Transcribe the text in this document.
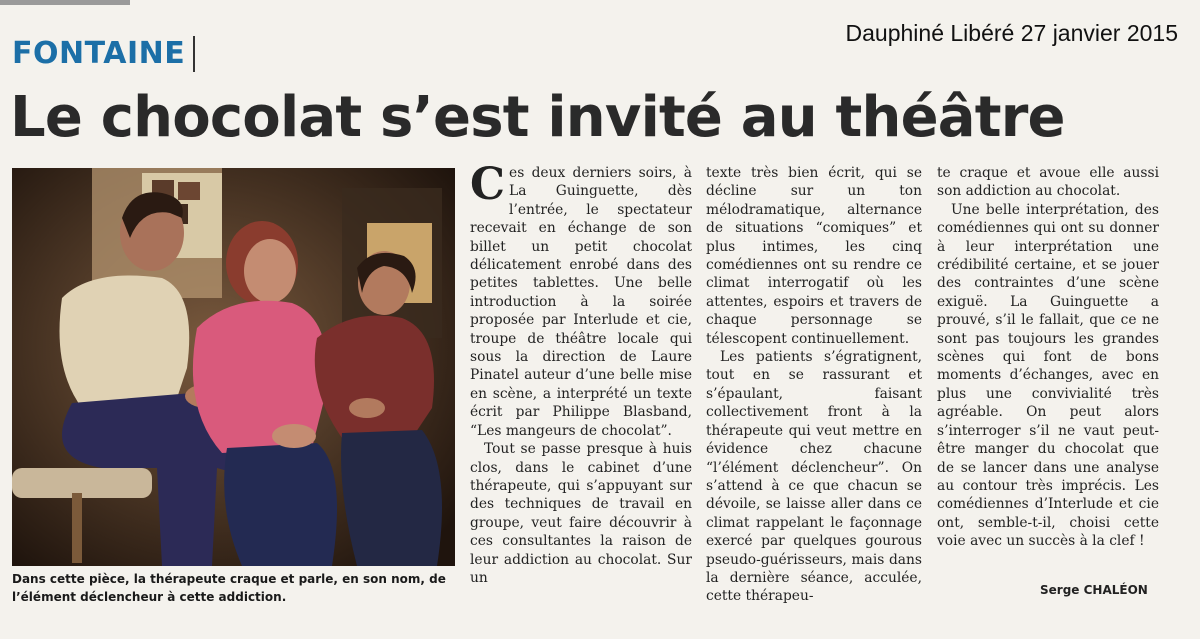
Dauphiné Libéré 27 janvier 2015
FONTAINE
Le chocolat s’est invité au théâtre
Dans cette pièce, la thérapeute craque et parle, en son nom, de
l’élément déclencheur à cette addiction.

Ces deux derniers soirs, à La Guinguette, dès l’entrée, le spectateur recevait en échange de son billet un petit chocolat délicatement enrobé dans des petites tablettes. Une belle introduction à la soirée proposée par Interlude et cie, troupe de théâtre locale qui sous la direction de Laure Pinatel auteur d’une belle mise en scène, a interprété un texte écrit par Philippe Blasband, “Les mangeurs de chocolat”.

Tout se passe presque à huis clos, dans le cabinet d’une thérapeute, qui s’appuyant sur des techniques de travail en groupe, veut faire découvrir à ces consultantes la raison de leur addiction au chocolat. Sur un

texte très bien écrit, qui se décline sur un ton mélodramatique, alternance de situations “comiques” et plus intimes, les cinq comédiennes ont su rendre ce climat interrogatif où les attentes, espoirs et travers de chaque personnage se télescopent continuellement.

Les patients s’égratignent, tout en se rassurant et s’épaulant, faisant collectivement front à la thérapeute qui veut mettre en évidence chez chacune “l’élément déclencheur”. On s’attend à ce que chacun se dévoile, se laisse aller dans ce climat rappelant le façonnage exercé par quelques gourous pseudo-guérisseurs, mais dans la dernière séance, acculée, cette thérapeu-

te craque et avoue elle aussi son addiction au chocolat.

Une belle interprétation, des comédiennes qui ont su donner à leur interprétation une crédibilité certaine, et se jouer des contraintes d’une scène exiguë. La Guinguette a prouvé, s’il le fallait, que ce ne sont pas toujours les grandes scènes qui font de bons moments d’échanges, avec en plus une convivialité très agréable. On peut alors s’interroger s’il ne vaut peut-être manger du chocolat que de se lancer dans une analyse au contour très imprécis. Les comédiennes d’Interlude et cie ont, semble-t-il, choisi cette voie avec un succès à la clef !

Serge CHALÉON
